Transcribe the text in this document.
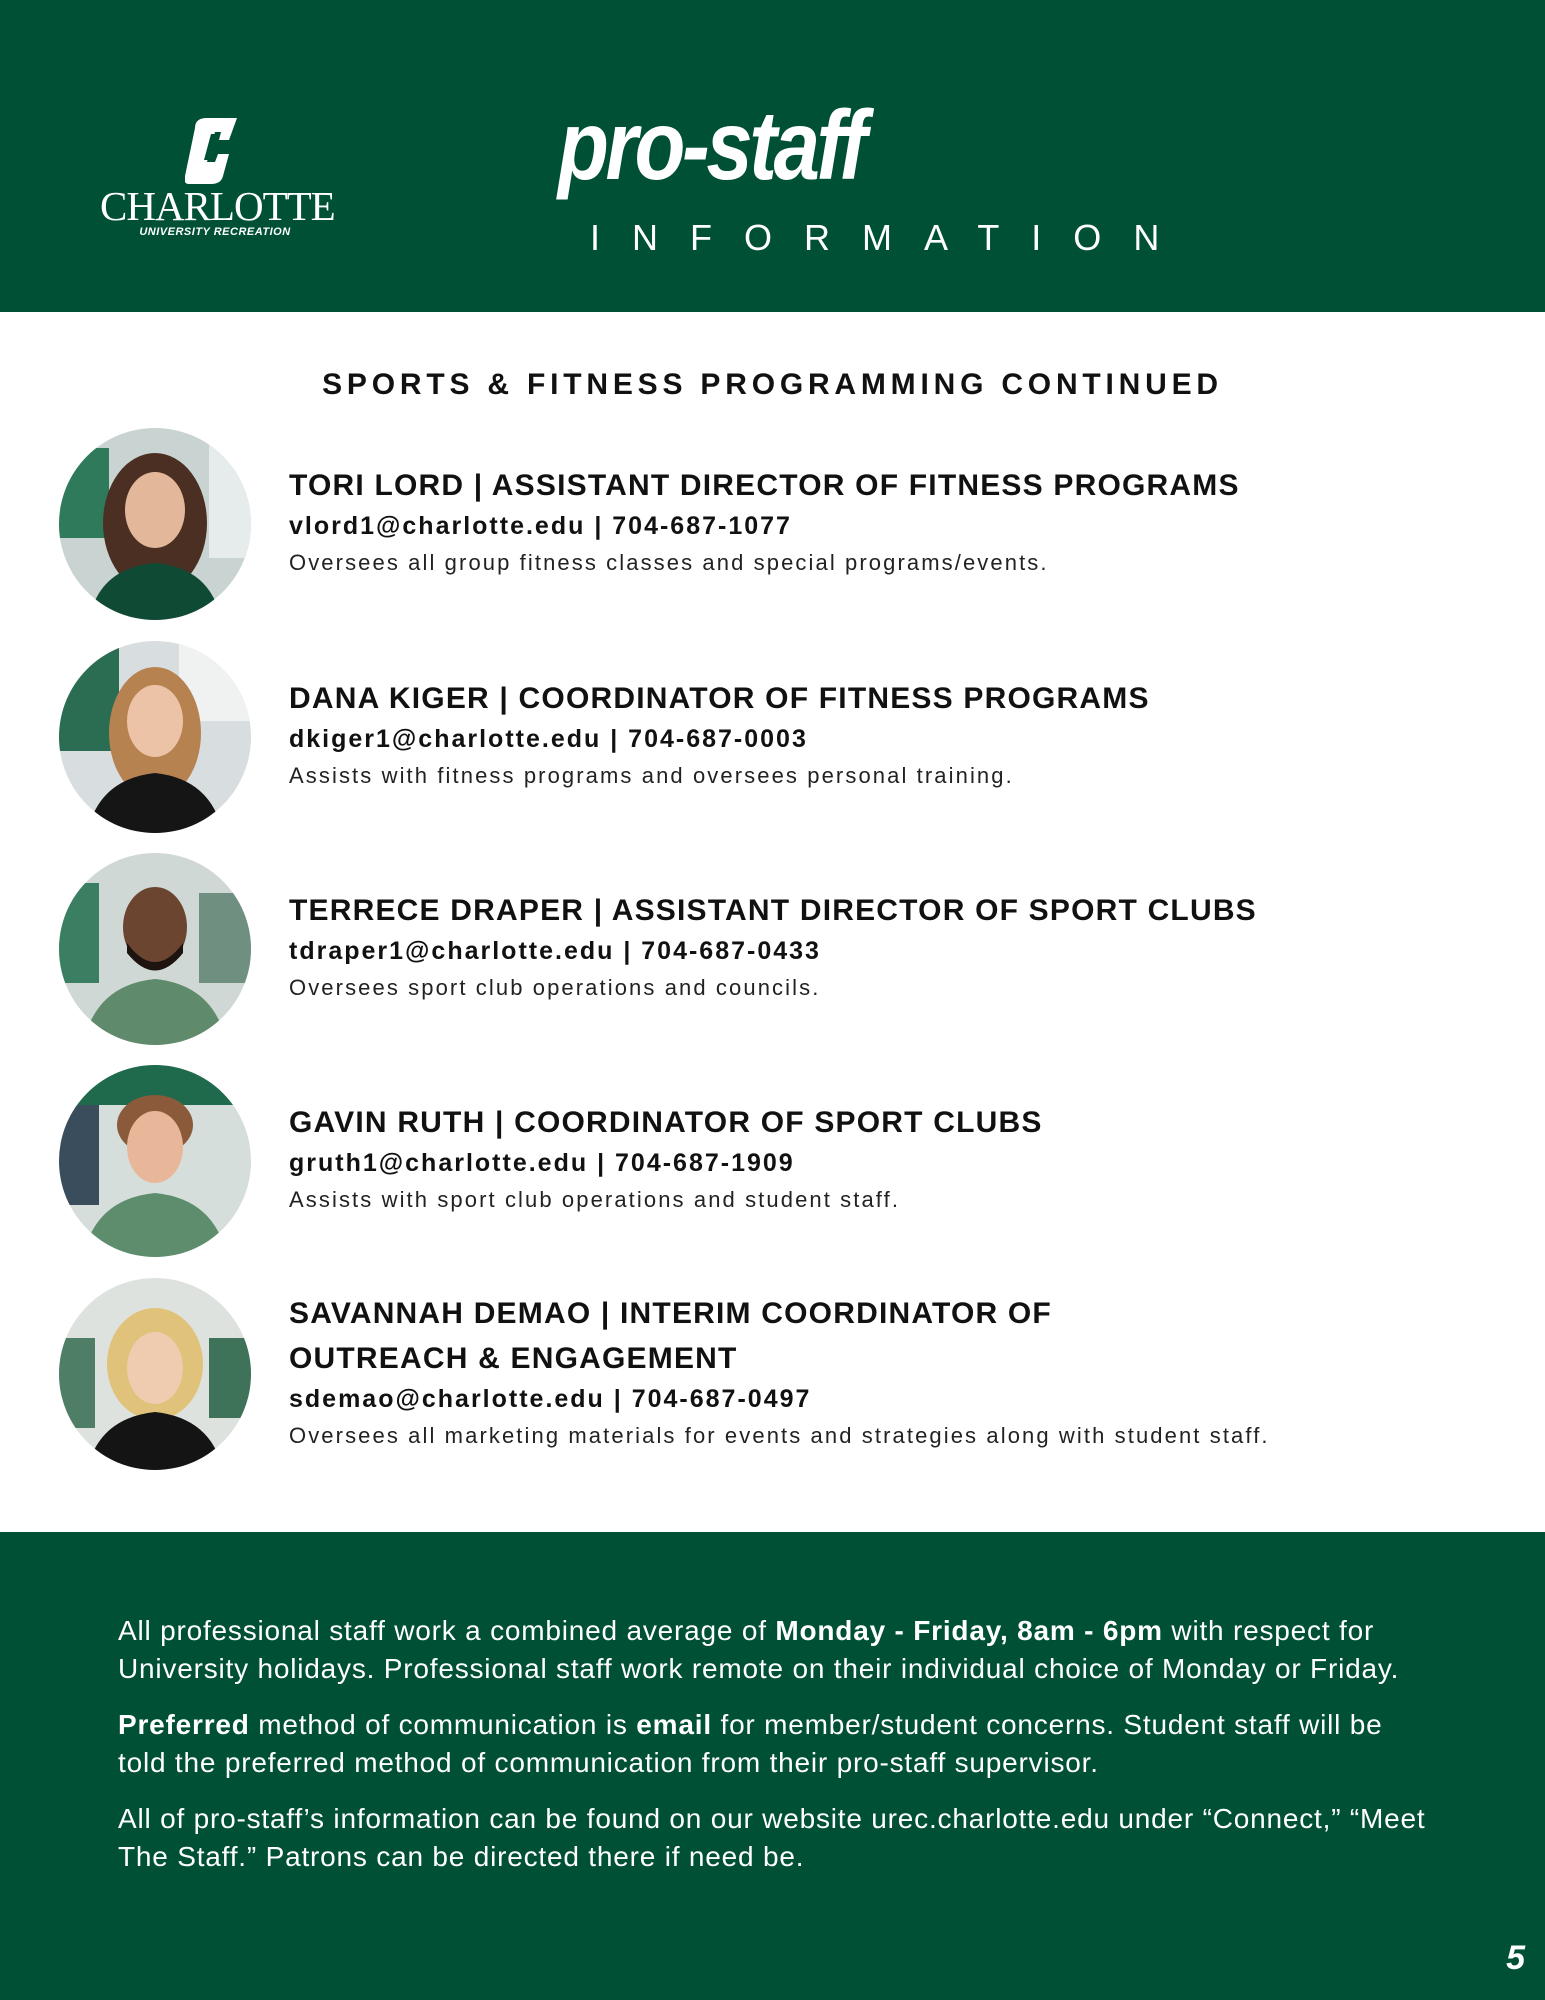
CHARLOTTE
UNIVERSITY RECREATION
pro-staff
INFORMATION
SPORTS & FITNESS PROGRAMMING CONTINUED
TORI LORD | ASSISTANT DIRECTOR OF FITNESS PROGRAMS
vlord1@charlotte.edu | 704-687-1077
Oversees all group fitness classes and special programs/events.
DANA KIGER | COORDINATOR OF FITNESS PROGRAMS
dkiger1@charlotte.edu | 704-687-0003
Assists with fitness programs and oversees personal training.
TERRECE DRAPER | ASSISTANT DIRECTOR OF SPORT CLUBS
tdraper1@charlotte.edu | 704-687-0433
Oversees sport club operations and councils.
GAVIN RUTH | COORDINATOR OF SPORT CLUBS
gruth1@charlotte.edu | 704-687-1909
Assists with sport club operations and student staff.
SAVANNAH DEMAO | INTERIM COORDINATOR OF OUTREACH & ENGAGEMENT
sdemao@charlotte.edu | 704-687-0497
Oversees all marketing materials for events and strategies along with student staff.

All professional staff work a combined average of Monday - Friday, 8am - 6pm with respect for University holidays. Professional staff work remote on their individual choice of Monday or Friday.

Preferred method of communication is email for member/student concerns. Student staff will be told the preferred method of communication from their pro-staff supervisor.

All of pro-staff’s information can be found on our website urec.charlotte.edu under “Connect,” “Meet The Staff.” Patrons can be directed there if need be.

5
